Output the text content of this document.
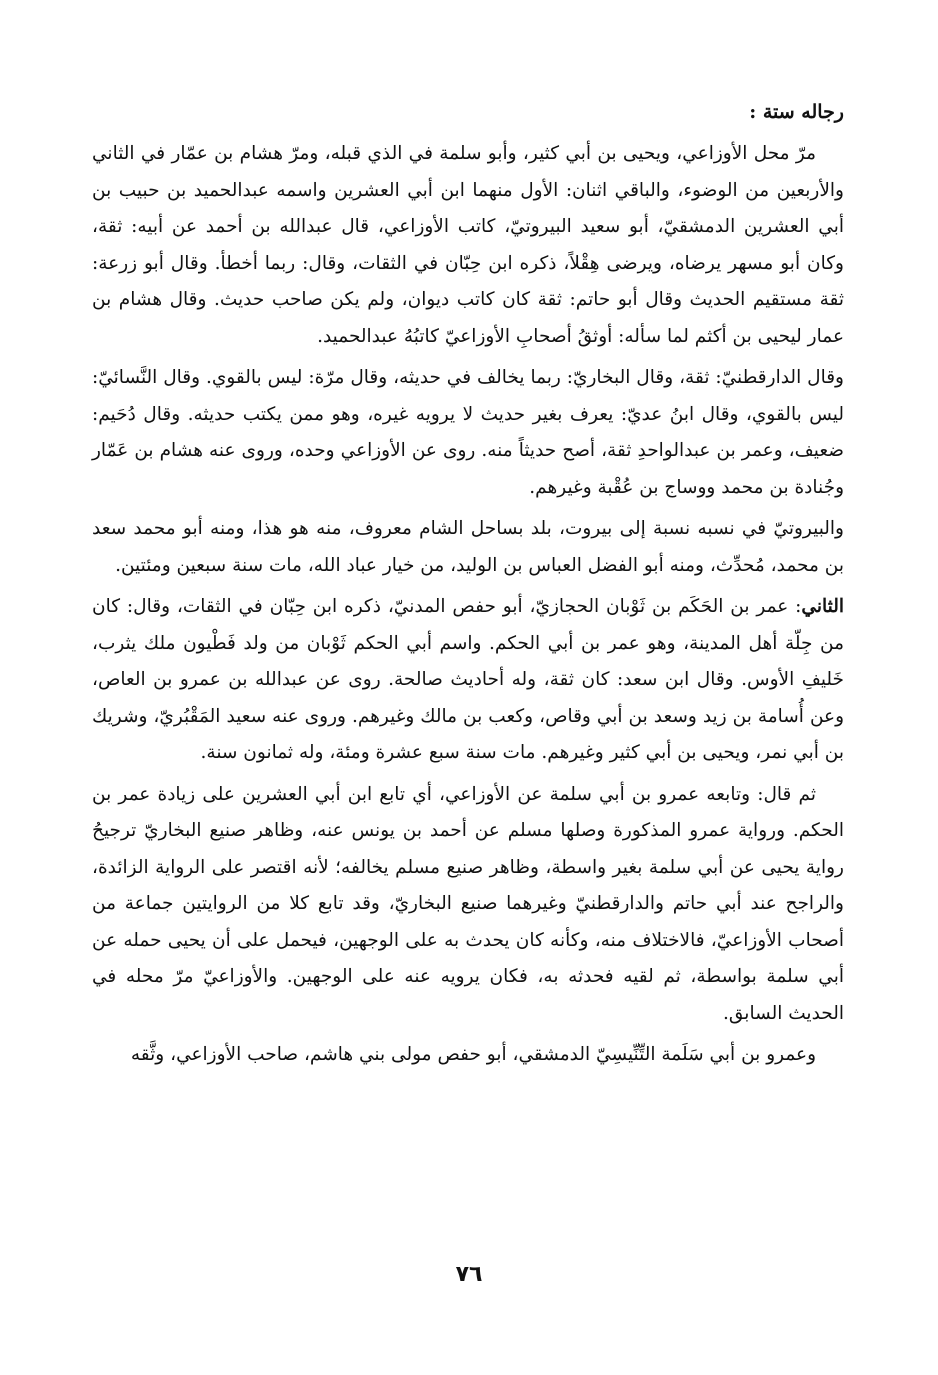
رجاله ستة :

مرّ محل الأوزاعي، ويحيى بن أبي كثير، وأبو سلمة في الذي قبله، ومرّ هشام بن عمّار في الثاني والأربعين من الوضوء، والباقي اثنان: الأول منهما ابن أبي العشرين واسمه عبدالحميد بن حبيب بن أبي العشرين الدمشقيّ، أبو سعيد البيروتيّ، كاتب الأوزاعي، قال عبدالله بن أحمد عن أبيه: ثقة، وكان أبو مسهر يرضاه، ويرضى هِقْلاً، ذكره ابن حِبّان في الثقات، وقال: ربما أخطأ. وقال أبو زرعة: ثقة مستقيم الحديث وقال أبو حاتم: ثقة كان كاتب ديوان، ولم يكن صاحب حديث. وقال هشام بن عمار ليحيى بن أكثم لما سأله: أوثقُ أصحابِ الأوزاعيّ كاتبُهُ عبدالحميد.

وقال الدارقطنيّ: ثقة، وقال البخاريّ: ربما يخالف في حديثه، وقال مرّة: ليس بالقوي. وقال النَّسائيّ: ليس بالقوي، وقال ابنُ عديّ: يعرف بغير حديث لا يرويه غيره، وهو ممن يكتب حديثه. وقال دُحَيم: ضعيف، وعمر بن عبدالواحدِ ثقة، أصح حديثاً منه. روى عن الأوزاعي وحده، وروى عنه هشام بن عَمّار وجُنادة بن محمد ووساج بن عُقْبة وغيرهم.

والبيروتيّ في نسبه نسبة إلى بيروت، بلد بساحل الشام معروف، منه هو هذا، ومنه أبو محمد سعد بن محمد، مُحدِّث، ومنه أبو الفضل العباس بن الوليد، من خيار عباد الله، مات سنة سبعين ومئتين.

الثاني: عمر بن الحَكَم بن ثَوْبان الحجازيّ، أبو حفص المدنيّ، ذكره ابن حِبّان في الثقات، وقال: كان من جِلّة أهل المدينة، وهو عمر بن أبي الحكم. واسم أبي الحكم ثَوْبان من ولد فَطْيون ملك يثرب، خَليفِ الأوس. وقال ابن سعد: كان ثقة، وله أحاديث صالحة. روى عن عبدالله بن عمرو بن العاص، وعن أُسامة بن زيد وسعد بن أبي وقاص، وكعب بن مالك وغيرهم. وروى عنه سعيد المَقْبُريّ، وشريك بن أبي نمر، ويحيى بن أبي كثير وغيرهم. مات سنة سبع عشرة ومئة، وله ثمانون سنة.

ثم قال: وتابعه عمرو بن أبي سلمة عن الأوزاعي، أي تابع ابن أبي العشرين على زيادة عمر بن الحكم. ورواية عمرو المذكورة وصلها مسلم عن أحمد بن يونس عنه، وظاهر صنيع البخاريّ ترجيحُ رواية يحيى عن أبي سلمة بغير واسطة، وظاهر صنيع مسلم يخالفه؛ لأنه اقتصر على الرواية الزائدة، والراجح عند أبي حاتم والدارقطنيّ وغيرهما صنيع البخاريّ، وقد تابع كلا من الروايتين جماعة من أصحاب الأوزاعيّ، فالاختلاف منه، وكأنه كان يحدث به على الوجهين، فيحمل على أن يحيى حمله عن أبي سلمة بواسطة، ثم لقيه فحدثه به، فكان يرويه عنه على الوجهين. والأوزاعيّ مرّ محله في الحديث السابق.

وعمرو بن أبي سَلَمة التِّنِّيسِيّ الدمشقي، أبو حفص مولى بني هاشم، صاحب الأوزاعي، وثَّقه

٧٦
